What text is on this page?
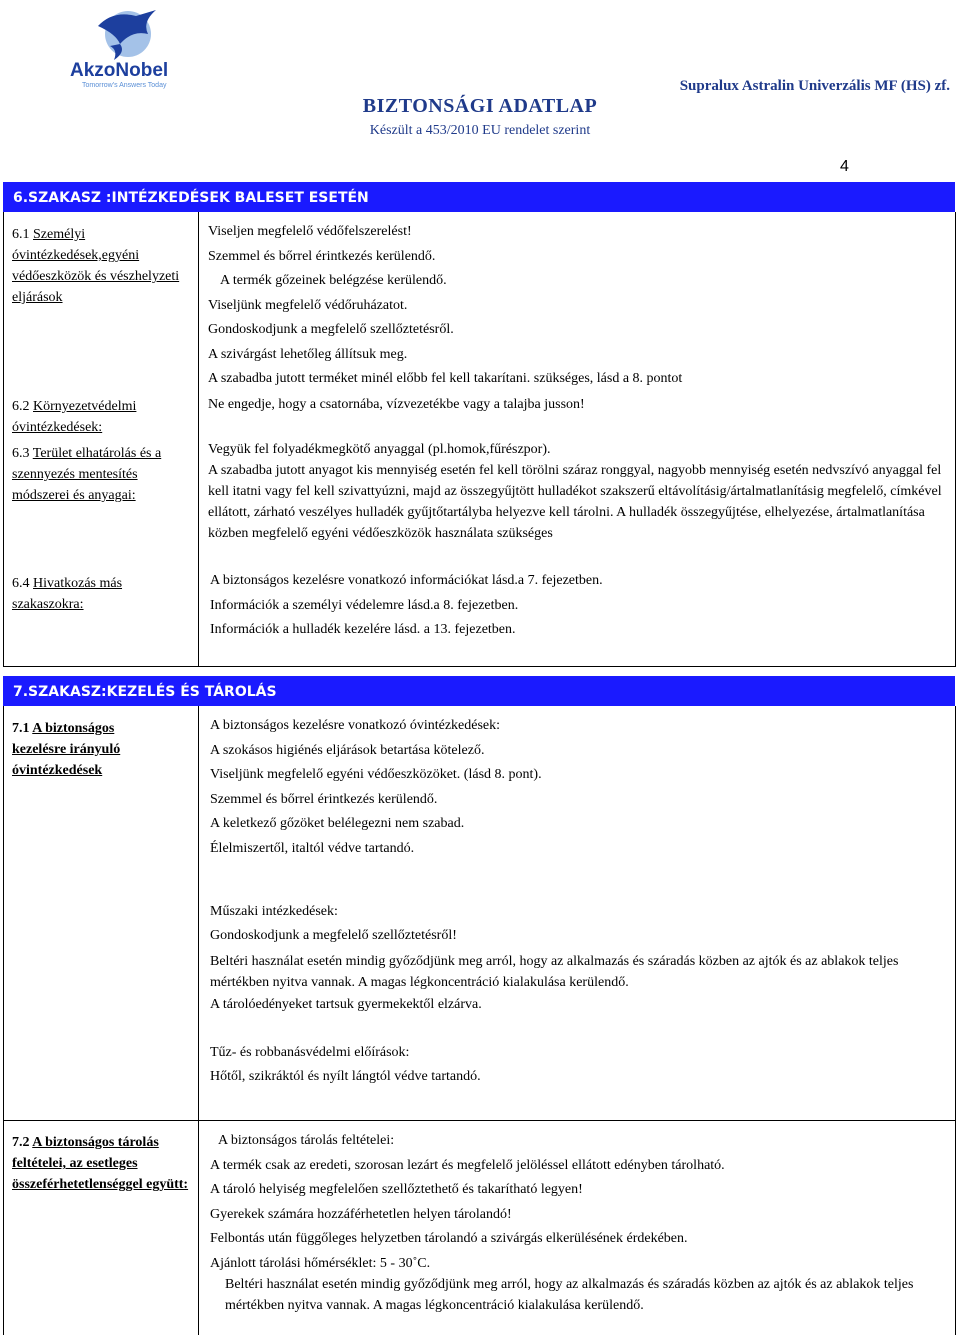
AkzoNobel
Tomorrow's Answers Today
BIZTONSÁGI ADATLAP
Készült a 453/2010 EU rendelet szerint
Supralux Astralin Univerzális MF (HS) zf.
4
6.SZAKASZ :INTÉZKEDÉSEK BALESET ESETÉN
6.1 Személyi óvintézkedések,egyéni védőeszközök és vészhelyzeti eljárások
Viseljen megfelelő védőfelszerelést!
Szemmel és bőrrel érintkezés kerülendő.
A termék gőzeinek belégzése kerülendő.
Viseljünk megfelelő védőruházatot.
Gondoskodjunk a megfelelő szellőztetésről.
A szivárgást lehetőleg állítsuk meg.
A szabadba jutott terméket minél előbb fel kell takarítani. szükséges, lásd a 8. pontot
6.2 Környezetvédelmi óvintézkedések:
Ne engedje, hogy a csatornába, vízvezetékbe vagy a talajba jusson!
6.3 Terület elhatárolás és a szennyezés mentesítés módszerei és anyagai:
Vegyük fel folyadékmegkötő anyaggal (pl.homok,fűrészpor).
A szabadba jutott anyagot kis mennyiség esetén fel kell törölni száraz ronggyal, nagyobb mennyiség esetén nedvszívó anyaggal fel kell itatni vagy fel kell szivattyúzni, majd az összegyűjtött hulladékot szakszerű eltávolításig/ártalmatlanításig megfelelő, címkével ellátott, zárható veszélyes hulladék gyűjtőtartályba helyezve kell tárolni. A hulladék összegyűjtése, elhelyezése, ártalmatlanítása közben megfelelő egyéni védőeszközök használata szükséges
6.4 Hivatkozás más szakaszokra:
A biztonságos kezelésre vonatkozó információkat lásd.a 7. fejezetben.
Információk a személyi védelemre lásd.a 8. fejezetben.
Információk a hulladék kezelére lásd. a 13. fejezetben.
7.SZAKASZ:KEZELÉS ÉS TÁROLÁS
7.1 A biztonságos kezelésre irányuló óvintézkedések
A biztonságos kezelésre vonatkozó óvintézkedések:
A szokásos higiénés eljárások betartása kötelező.
Viseljünk megfelelő egyéni védőeszközöket. (lásd 8. pont).
Szemmel és bőrrel érintkezés kerülendő.
A keletkező gőzöket belélegezni nem szabad.
Élelmiszertől, italtól védve tartandó.
Műszaki intézkedések:
Gondoskodjunk a megfelelő szellőztetésről!
Beltéri használat esetén mindig győződjünk meg arról, hogy az alkalmazás és száradás közben az ajtók és az ablakok teljes mértékben nyitva vannak. A magas légkoncentráció kialakulása kerülendő.
A tárolóedényeket tartsuk gyermekektől elzárva.
Tűz- és robbanásvédelmi előírások:
Hőtől, szikráktól és nyílt lángtól védve tartandó.
7.2 A biztonságos tárolás feltételei, az esetleges összeférhetetlenséggel együtt:
A biztonságos tárolás feltételei:
A termék csak az eredeti, szorosan lezárt és megfelelő jelöléssel ellátott edényben tárolható.
A tároló helyiség megfelelően szellőztethető és takarítható legyen!
Gyerekek számára hozzáférhetetlen helyen tárolandó!
Felbontás után függőleges helyzetben tárolandó a szivárgás elkerülésének érdekében.
Ajánlott tárolási hőmérséklet: 5 - 30˚C.
Beltéri használat esetén mindig győződjünk meg arról, hogy az alkalmazás és száradás közben az ajtók és az ablakok teljes mértékben nyitva vannak. A magas légkoncentráció kialakulása kerülendő.
